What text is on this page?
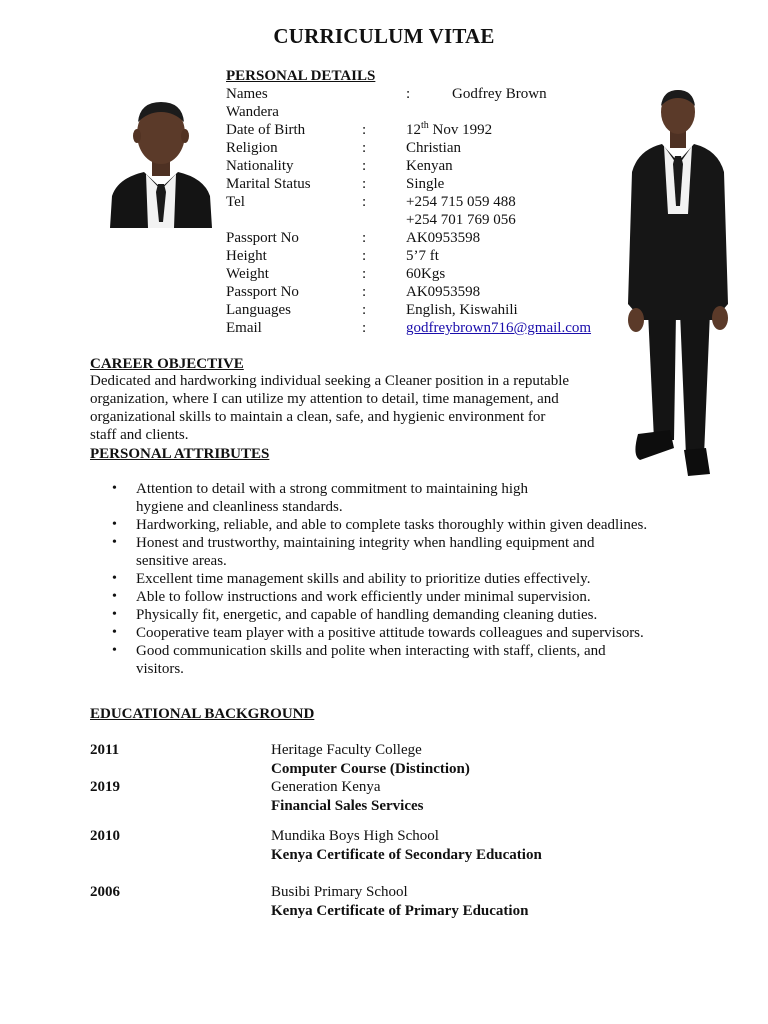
CURRICULUM VITAE
PERSONAL DETAILS
Names	:	Godfrey Brown
Wandera
Date of Birth	:	12th Nov 1992
Religion	:	Christian
Nationality	:	Kenyan
Marital Status	:	Single
Tel	:	+254 715 059 488
+254 701 769 056
Passport No	:	AK0953598
Height	:	5’7 ft
Weight	:	60Kgs
Passport No	:	AK0953598
Languages	:	English, Kiswahili
Email	:	godfreybrown716@gmail.com
CAREER OBJECTIVE
Dedicated and hardworking individual seeking a Cleaner position in a reputable
organization, where I can utilize my attention to detail, time management, and
organizational skills to maintain a clean, safe, and hygienic environment for
staff and clients.
PERSONAL ATTRIBUTES
• Attention to detail with a strong commitment to maintaining high
hygiene and cleanliness standards.
• Hardworking, reliable, and able to complete tasks thoroughly within given deadlines.
• Honest and trustworthy, maintaining integrity when handling equipment and
sensitive areas.
• Excellent time management skills and ability to prioritize duties effectively.
• Able to follow instructions and work efficiently under minimal supervision.
• Physically fit, energetic, and capable of handling demanding cleaning duties.
• Cooperative team player with a positive attitude towards colleagues and supervisors.
• Good communication skills and polite when interacting with staff, clients, and
visitors.
EDUCATIONAL BACKGROUND
2011	Heritage Faculty College
Computer Course (Distinction)
2019	Generation Kenya
Financial Sales Services
2010	Mundika Boys High School
Kenya Certificate of Secondary Education
2006	Busibi Primary School
Kenya Certificate of Primary Education
